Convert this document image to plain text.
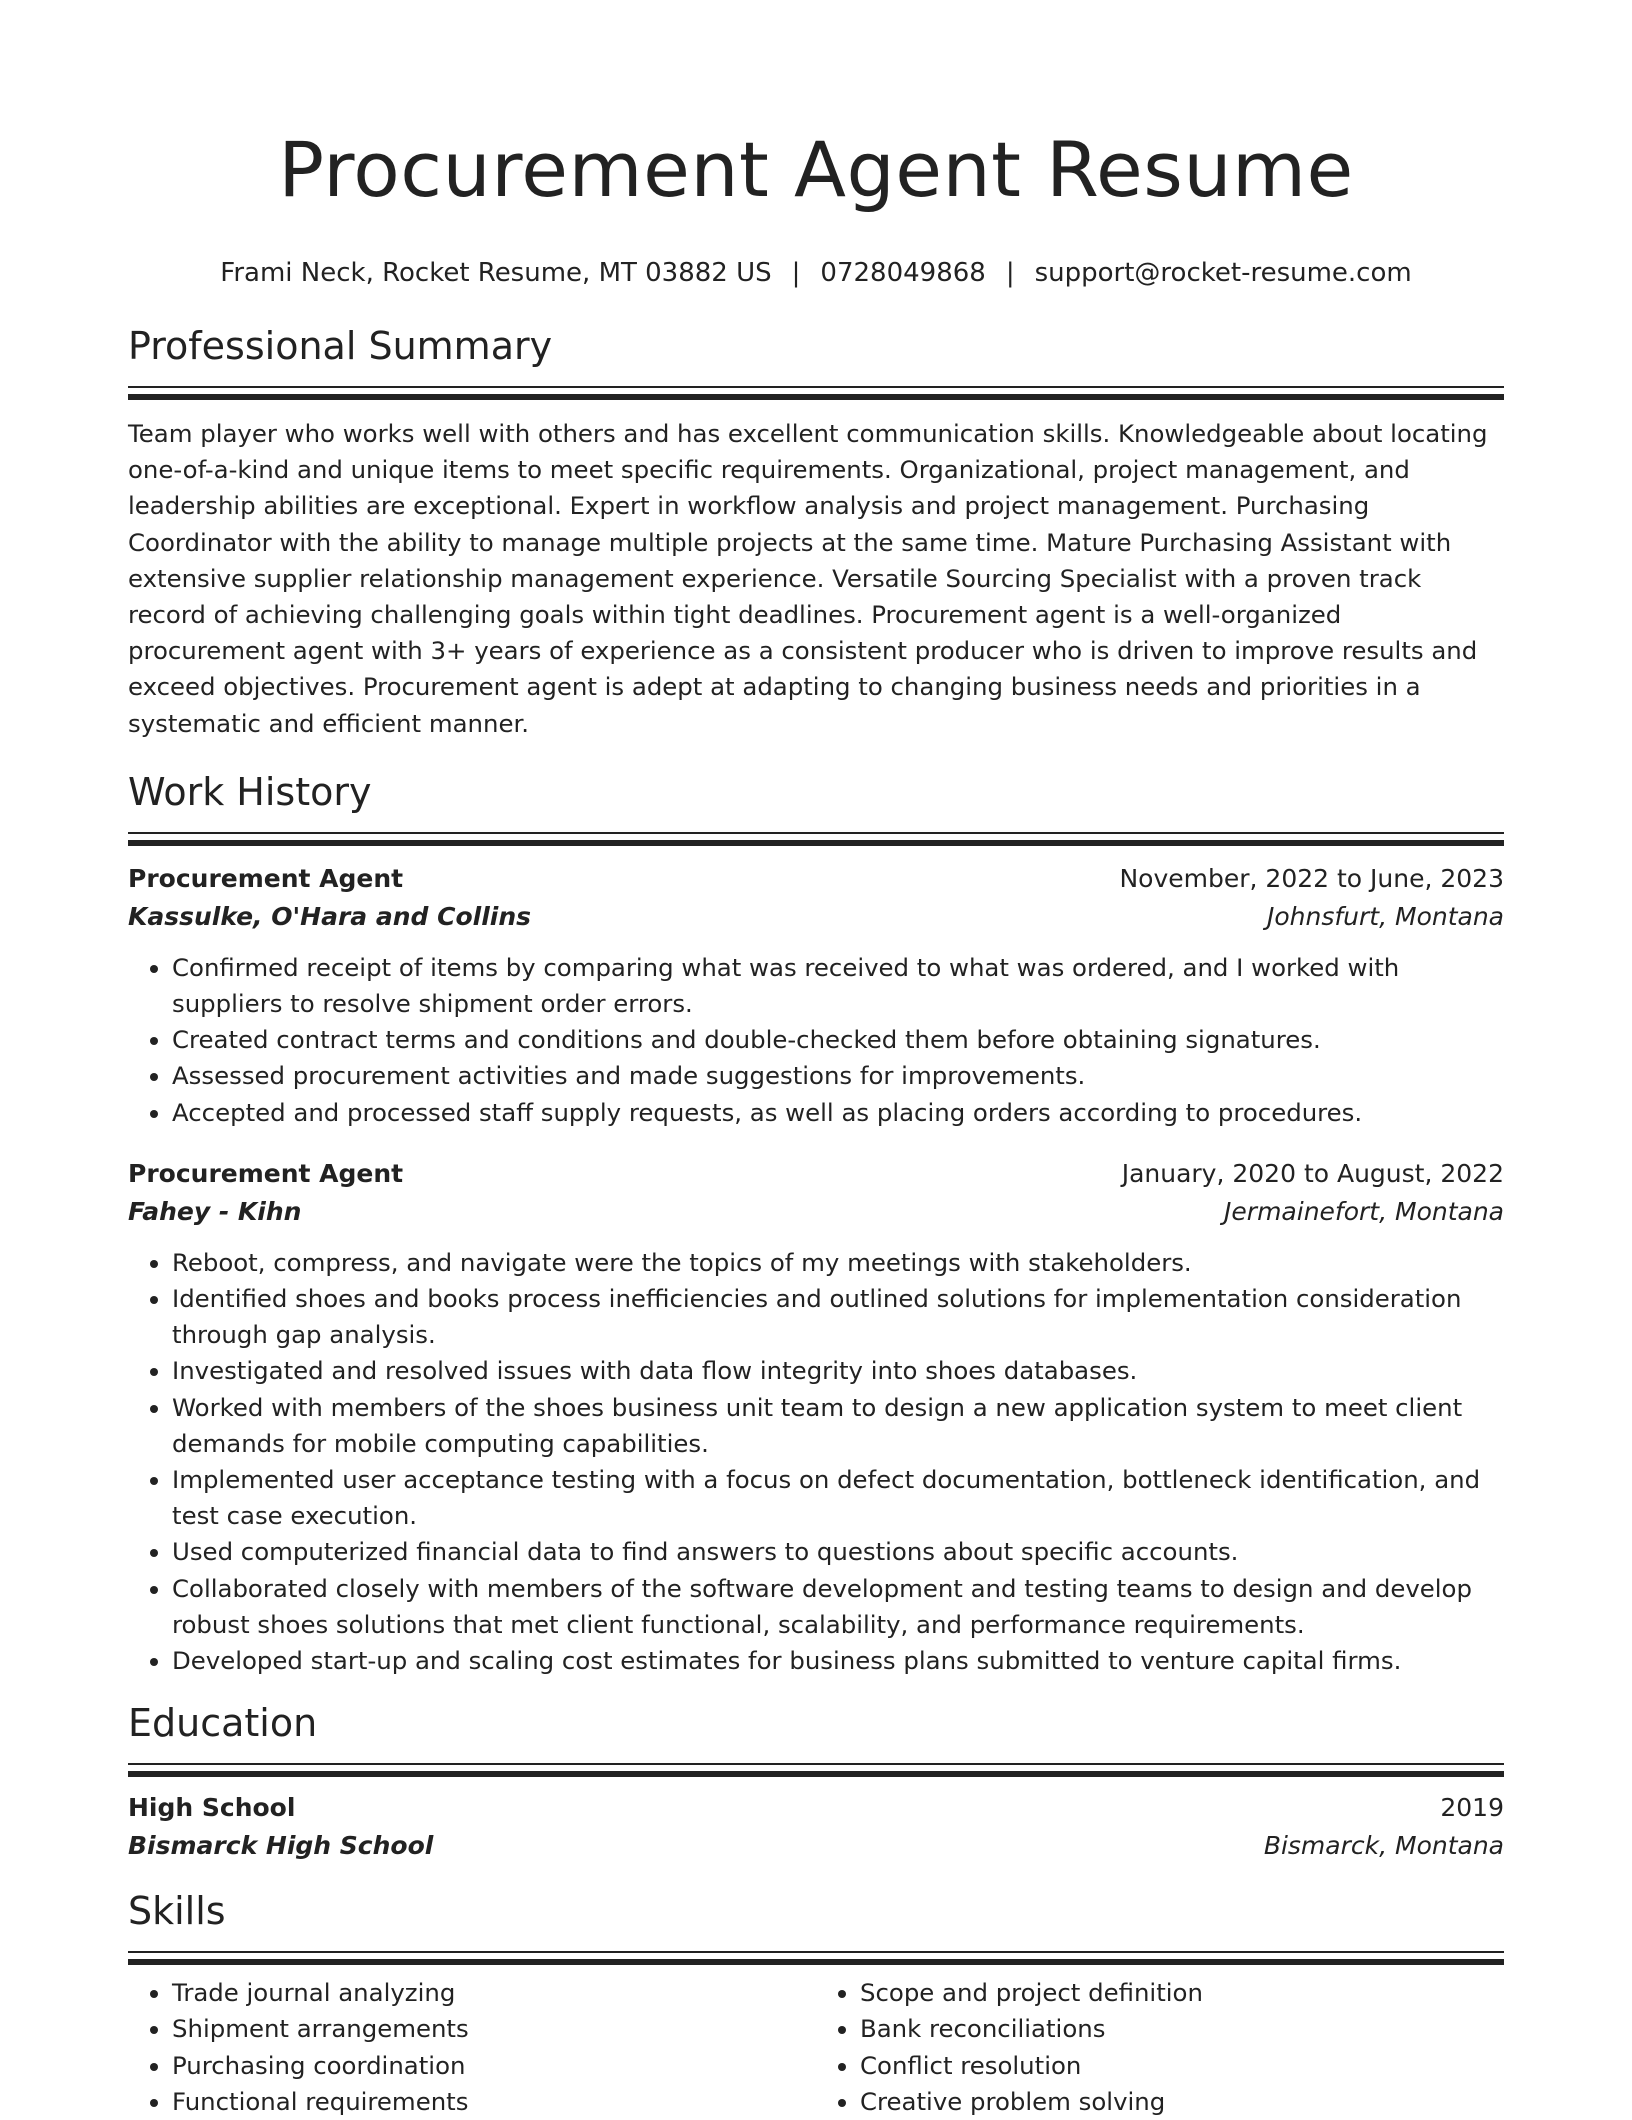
Procurement Agent Resume
Frami Neck, Rocket Resume, MT 03882 US | 0728049868 | support@rocket-resume.com
Professional Summary
Team player who works well with others and has excellent communication skills. Knowledgeable about locating one-of-a-kind and unique items to meet specific requirements. Organizational, project management, and leadership abilities are exceptional. Expert in workflow analysis and project management. Purchasing Coordinator with the ability to manage multiple projects at the same time. Mature Purchasing Assistant with extensive supplier relationship management experience. Versatile Sourcing Specialist with a proven track record of achieving challenging goals within tight deadlines. Procurement agent is a well-organized procurement agent with 3+ years of experience as a consistent producer who is driven to improve results and exceed objectives. Procurement agent is adept at adapting to changing business needs and priorities in a systematic and efficient manner.
Work History
Procurement Agent	November, 2022 to June, 2023
Kassulke, O'Hara and Collins	Johnsfurt, Montana
• Confirmed receipt of items by comparing what was received to what was ordered, and I worked with suppliers to resolve shipment order errors.
• Created contract terms and conditions and double-checked them before obtaining signatures.
• Assessed procurement activities and made suggestions for improvements.
• Accepted and processed staff supply requests, as well as placing orders according to procedures.
Procurement Agent	January, 2020 to August, 2022
Fahey - Kihn	Jermainefort, Montana
• Reboot, compress, and navigate were the topics of my meetings with stakeholders.
• Identified shoes and books process inefficiencies and outlined solutions for implementation consideration through gap analysis.
• Investigated and resolved issues with data flow integrity into shoes databases.
• Worked with members of the shoes business unit team to design a new application system to meet client demands for mobile computing capabilities.
• Implemented user acceptance testing with a focus on defect documentation, bottleneck identification, and test case execution.
• Used computerized financial data to find answers to questions about specific accounts.
• Collaborated closely with members of the software development and testing teams to design and develop robust shoes solutions that met client functional, scalability, and performance requirements.
• Developed start-up and scaling cost estimates for business plans submitted to venture capital firms.
Education
High School	2019
Bismarck High School	Bismarck, Montana
Skills
• Trade journal analyzing
• Shipment arrangements
• Purchasing coordination
• Functional requirements
• Scope and project definition
• Bank reconciliations
• Conflict resolution
• Creative problem solving
